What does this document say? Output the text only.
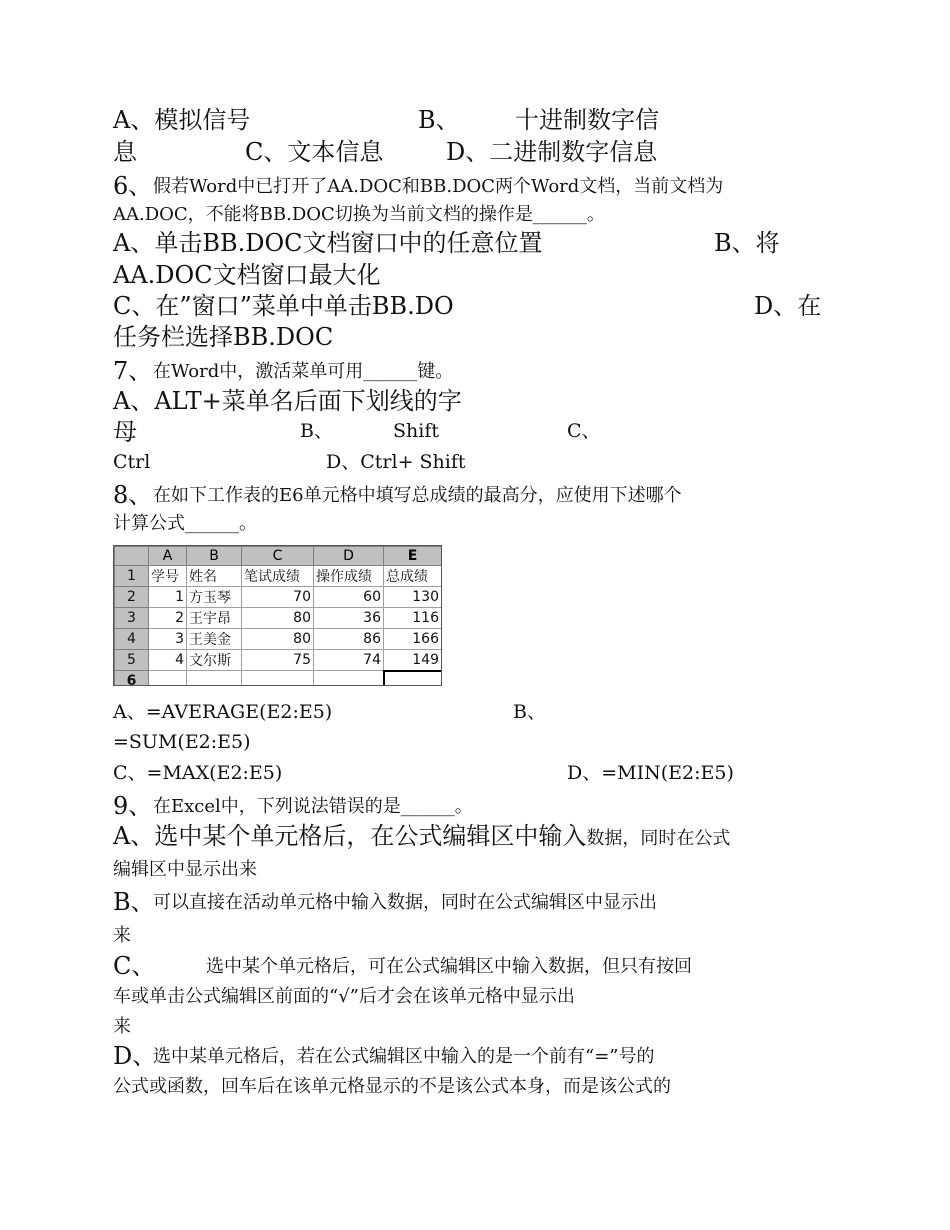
A、模拟信号	B、 十进制数字信
息	C、文本信息	D、二进制数字信息
6、 假若Word中已打开了AA.DOC和BB.DOC两个Word文档，当前文档为
AA.DOC，不能将BB.DOC切换为当前文档的操作是______。
A、单击BB.DOC文档窗口中的任意位置	B、将
AA.DOC文档窗口最大化
C、在”窗口”菜单中单击BB.DO	D、在
任务栏选择BB.DOC
7、 在Word中，激活菜单可用______键。
A、ALT+菜单名后面下划线的字
母	B、	Shift	C、
Ctrl	D、Ctrl+ Shift
8、 在如下工作表的E6单元格中填写总成绩的最高分，应使用下述哪个
计算公式______。
	A	B	C	D	E
1	学号	姓名	笔试成绩	操作成绩	总成绩
2	1	方玉琴	70	60	130
3	2	王宇昂	80	36	116
4	3	王美金	80	86	166
5	4	文尔斯	75	74	149
6					
A、=AVERAGE(E2:E5)	B、
=SUM(E2:E5)
C、=MAX(E2:E5)	D、=MIN(E2:E5)
9、 在Excel中，下列说法错误的是______。
A、选中某个单元格后，在公式编辑区中输入数据，同时在公式
编辑区中显示出来
B、
可以直接在活动单元格中输入数据，同时在公式编辑区中显示出
来
C、	选中某个单元格后，可在公式编辑区中输入数据，但只有按回
车或单击公式编辑区前面的“√”后才会在该单元格中显示出
来
D、
选中某单元格后，若在公式编辑区中输入的是一个前有“=”号的
公式或函数，回车后在该单元格显示的不是该公式本身，而是该公式的
